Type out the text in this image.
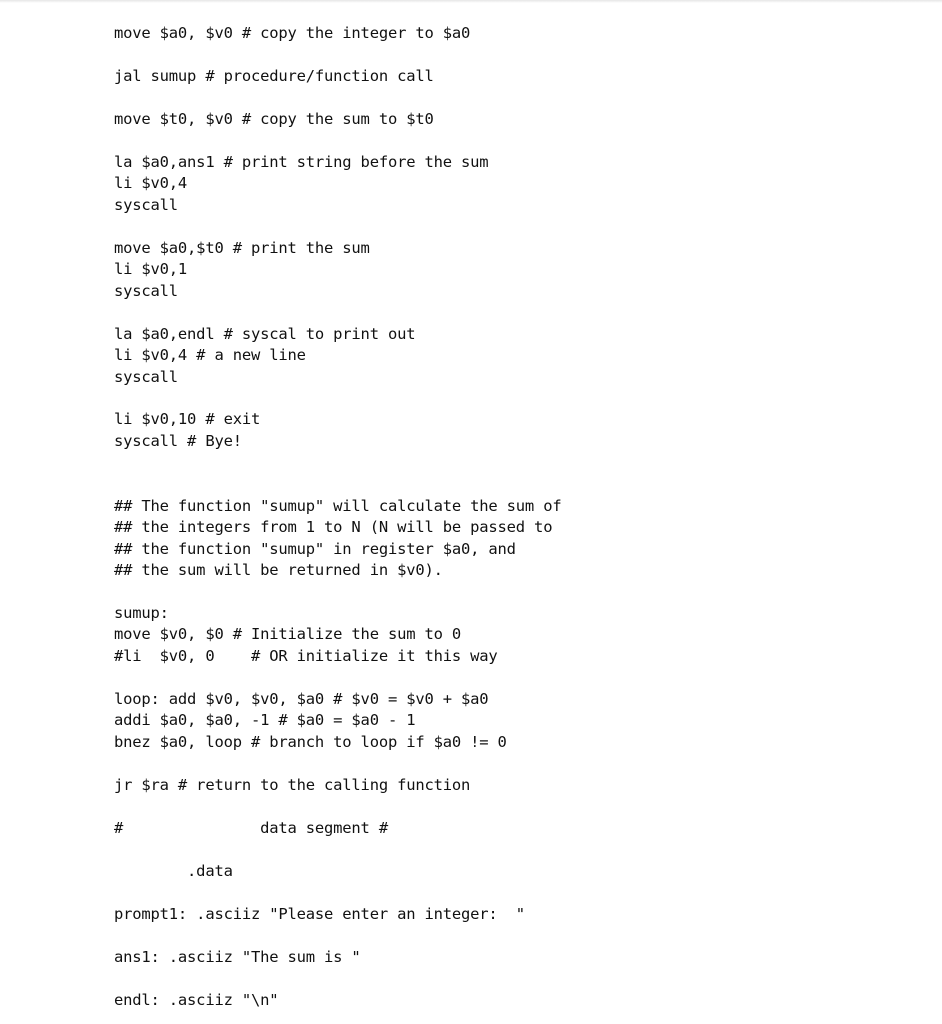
move $a0, $v0 # copy the integer to $a0
jal sumup # procedure/function call
move $t0, $v0 # copy the sum to $t0
la $a0,ans1 # print string before the sum
li $v0,4
syscall
move $a0,$t0 # print the sum
li $v0,1
syscall
la $a0,endl # syscal to print out
li $v0,4 # a new line
syscall
li $v0,10 # exit
syscall # Bye!
## The function "sumup" will calculate the sum of
## the integers from 1 to N (N will be passed to
## the function "sumup" in register $a0, and
## the sum will be returned in $v0).
sumup:
move $v0, $0 # Initialize the sum to 0
#li  $v0, 0    # OR initialize it this way
loop: add $v0, $v0, $a0 # $v0 = $v0 + $a0
addi $a0, $a0, -1 # $a0 = $a0 - 1
bnez $a0, loop # branch to loop if $a0 != 0
jr $ra # return to the calling function
#               data segment #
.data
prompt1: .asciiz "Please enter an integer:  "
ans1: .asciiz "The sum is "
endl: .asciiz "\n"
